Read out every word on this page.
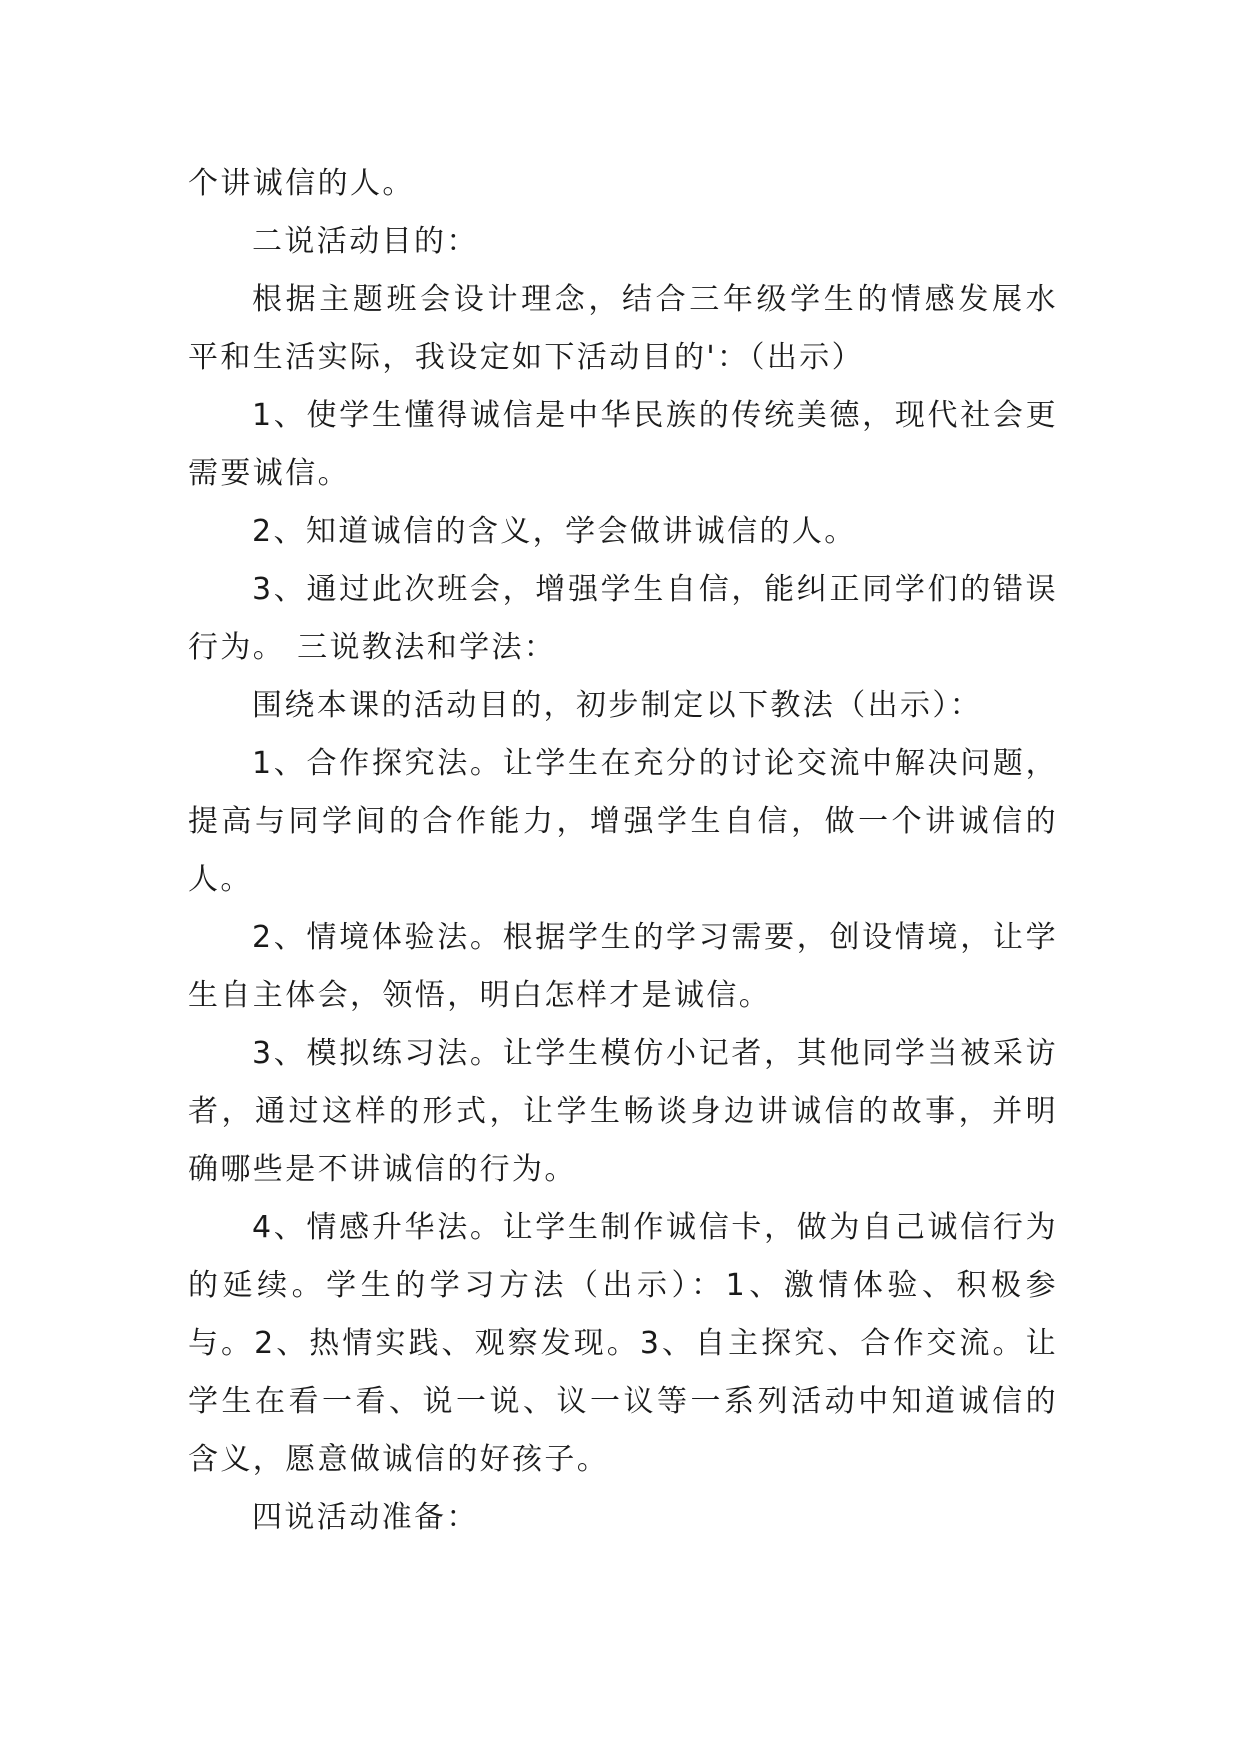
个讲诚信的人。

二说活动目的：

根据主题班会设计理念，结合三年级学生的情感发展水平和生活实际，我设定如下活动目的'：（出示）

1、使学生懂得诚信是中华民族的传统美德，现代社会更需要诚信。

2、知道诚信的含义，学会做讲诚信的人。

3、通过此次班会，增强学生自信，能纠正同学们的错误行为。 三说教法和学法：

围绕本课的活动目的，初步制定以下教法（出示）：

1、合作探究法。让学生在充分的讨论交流中解决问题，提高与同学间的合作能力，增强学生自信，做一个讲诚信的人。

2、情境体验法。根据学生的学习需要，创设情境，让学生自主体会，领悟，明白怎样才是诚信。

3、模拟练习法。让学生模仿小记者，其他同学当被采访者，通过这样的形式，让学生畅谈身边讲诚信的故事，并明确哪些是不讲诚信的行为。

4、情感升华法。让学生制作诚信卡，做为自己诚信行为的延续。学生的学习方法（出示）：1、激情体验、积极参与。2、热情实践、观察发现。3、自主探究、合作交流。让学生在看一看、说一说、议一议等一系列活动中知道诚信的含义，愿意做诚信的好孩子。

四说活动准备：
